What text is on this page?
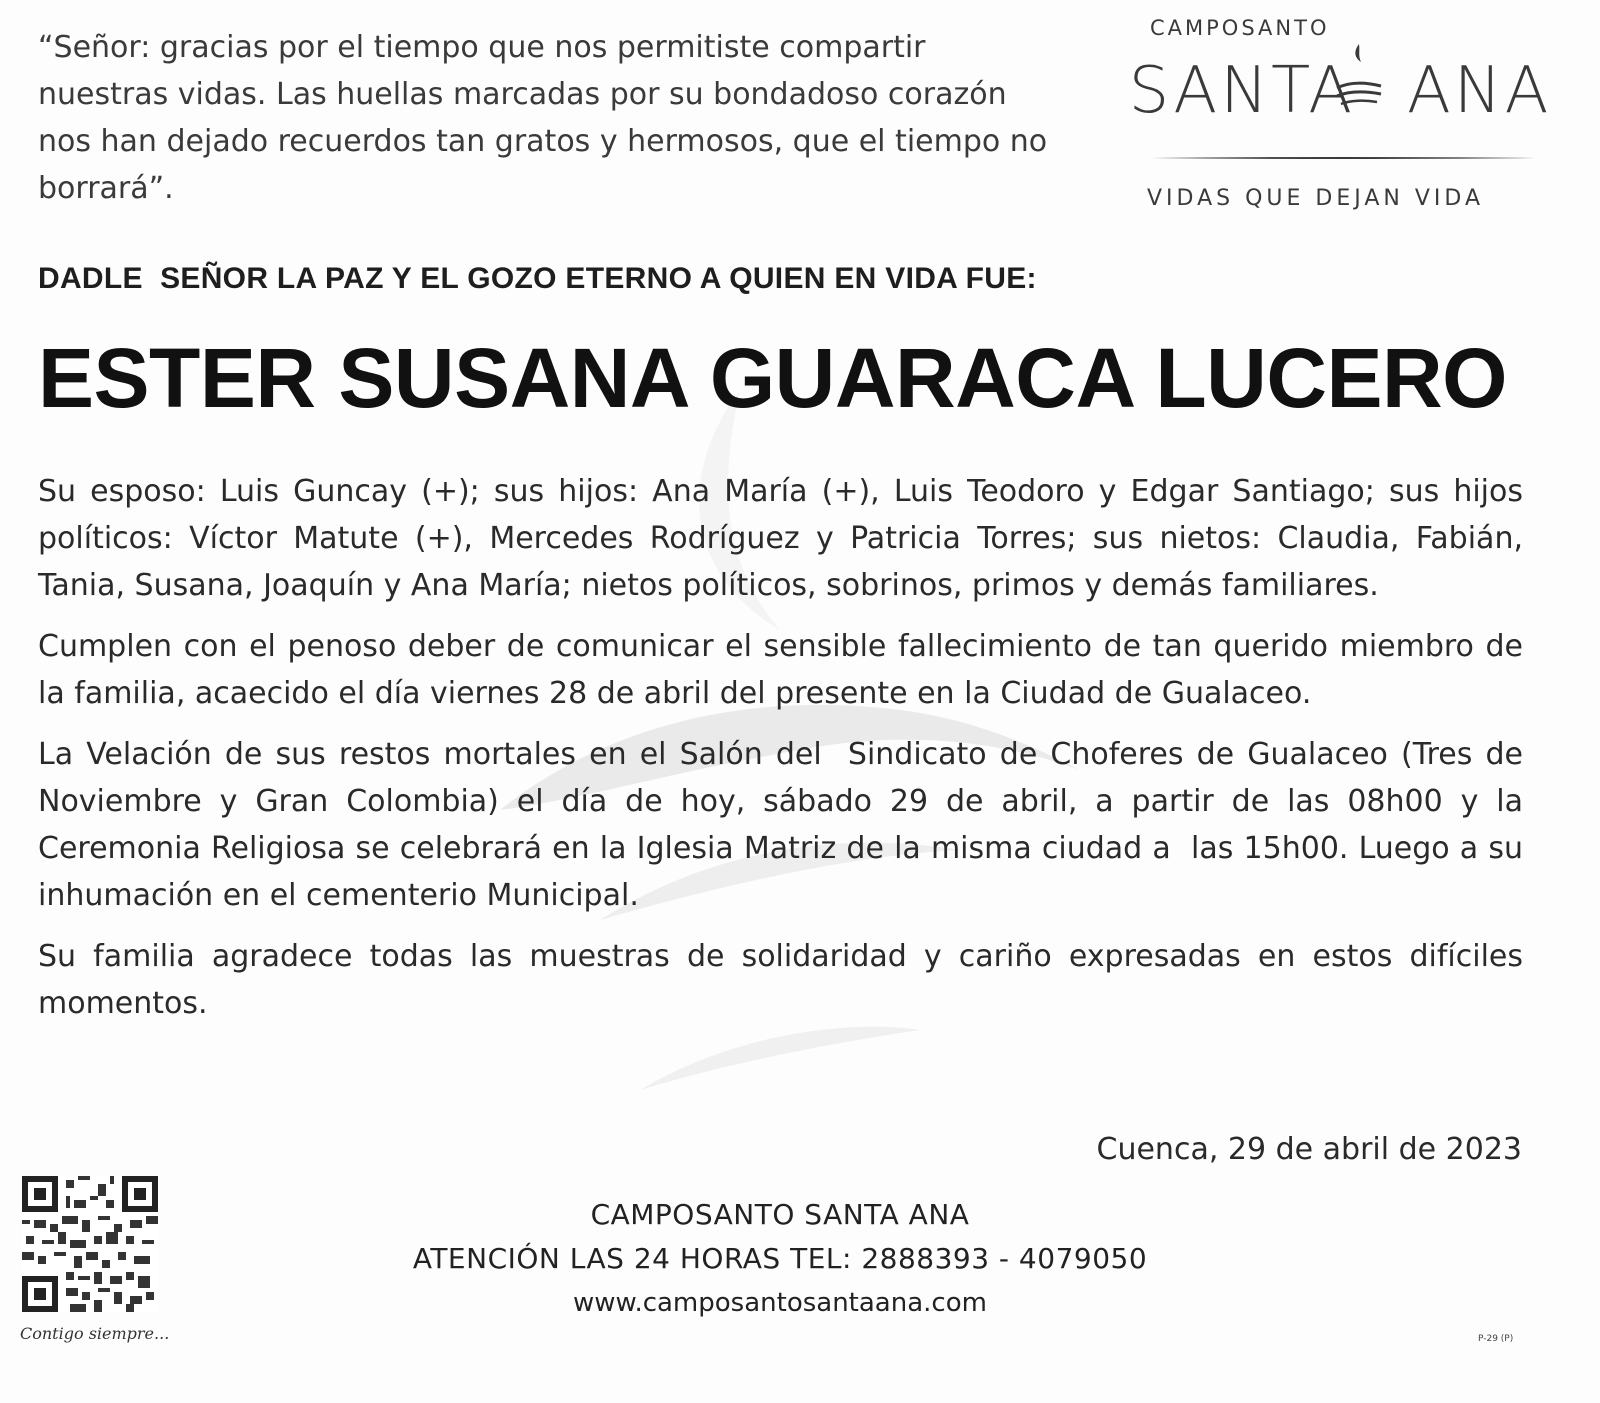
“Señor: gracias por el tiempo que nos permitiste compartir nuestras vidas. Las huellas marcadas por su bondadoso corazón nos han dejado recuerdos tan gratos y hermosos, que el tiempo no borrará”.
CAMPOSANTO
SANTA ANA
VIDAS QUE DEJAN VIDA
DADLE  SEÑOR LA PAZ Y EL GOZO ETERNO A QUIEN EN VIDA FUE:
ESTER SUSANA GUARACA LUCERO

Su esposo: Luis Guncay (+); sus hijos: Ana María (+), Luis Teodoro y Edgar Santiago; sus hijos políticos: Víctor Matute (+), Mercedes Rodríguez y Patricia Torres; sus nietos: Claudia, Fabián, Tania, Susana, Joaquín y Ana María; nietos políticos, sobrinos, primos y demás familiares.

Cumplen con el penoso deber de comunicar el sensible fallecimiento de tan querido miembro de la familia, acaecido el día viernes 28 de abril del presente en la Ciudad de Gualaceo.

La Velación de sus restos mortales en el Salón del  Sindicato de Choferes de Gualaceo (Tres de Noviembre y Gran Colombia) el día de hoy, sábado 29 de abril, a partir de las 08h00 y la Ceremonia Religiosa se celebrará en la Iglesia Matriz de la misma ciudad a  las 15h00. Luego a su inhumación en el cementerio Municipal.

Su familia agradece todas las muestras de solidaridad y cariño expresadas en estos difíciles momentos.

Cuenca, 29 de abril de 2023
Contigo siempre...
CAMPOSANTO SANTA ANA
ATENCIÓN LAS 24 HORAS TEL: 2888393 - 4079050
www.camposantosantaana.com
P-29 (P)
